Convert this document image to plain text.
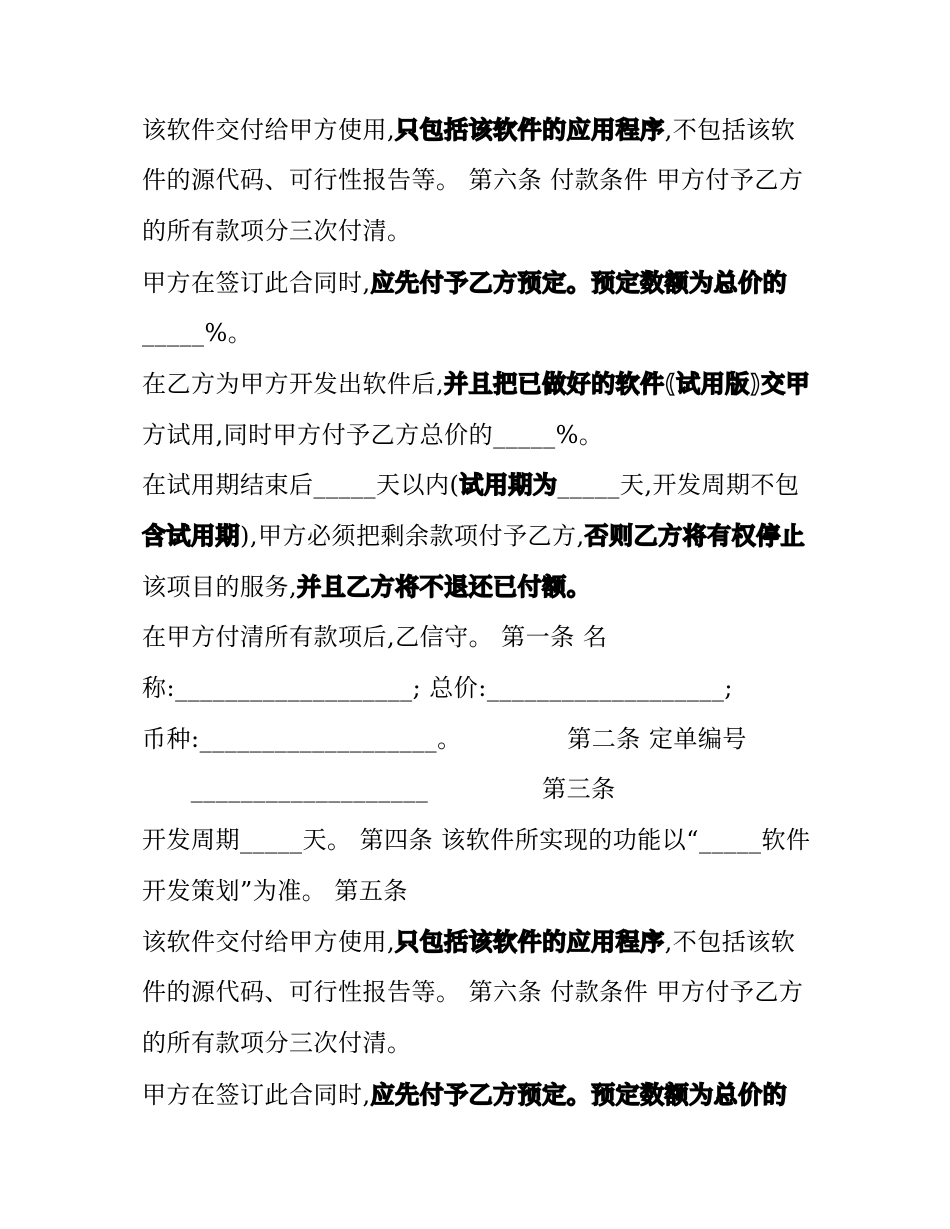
该软件交付给甲方使用,只包括该软件的应用程序,不包括该软
件的源代码、可行性报告等。 第六条 付款条件 甲方付予乙方
的所有款项分三次付清。
甲方在签订此合同时,应先付予乙方预定。预定数额为总价的
_____%。
在乙方为甲方开发出软件后,并且把已做好的软件(试用版)交甲
方试用,同时甲方付予乙方总价的_____%。
在试用期结束后_____天以内(试用期为_____天,开发周期不包
含试用期),甲方必须把剩余款项付予乙方,否则乙方将有权停止
该项目的服务,并且乙方将不退还已付额。
在甲方付清所有款项后,乙信守。 第一条 名
称:___________________; 总价:___________________;
币种:___________________。             第二条 定单编号
___________________              第三条
开发周期_____天。 第四条 该软件所实现的功能以“_____软件
开发策划”为准。 第五条
该软件交付给甲方使用,只包括该软件的应用程序,不包括该软
件的源代码、可行性报告等。 第六条 付款条件 甲方付予乙方
的所有款项分三次付清。
甲方在签订此合同时,应先付予乙方预定。预定数额为总价的
